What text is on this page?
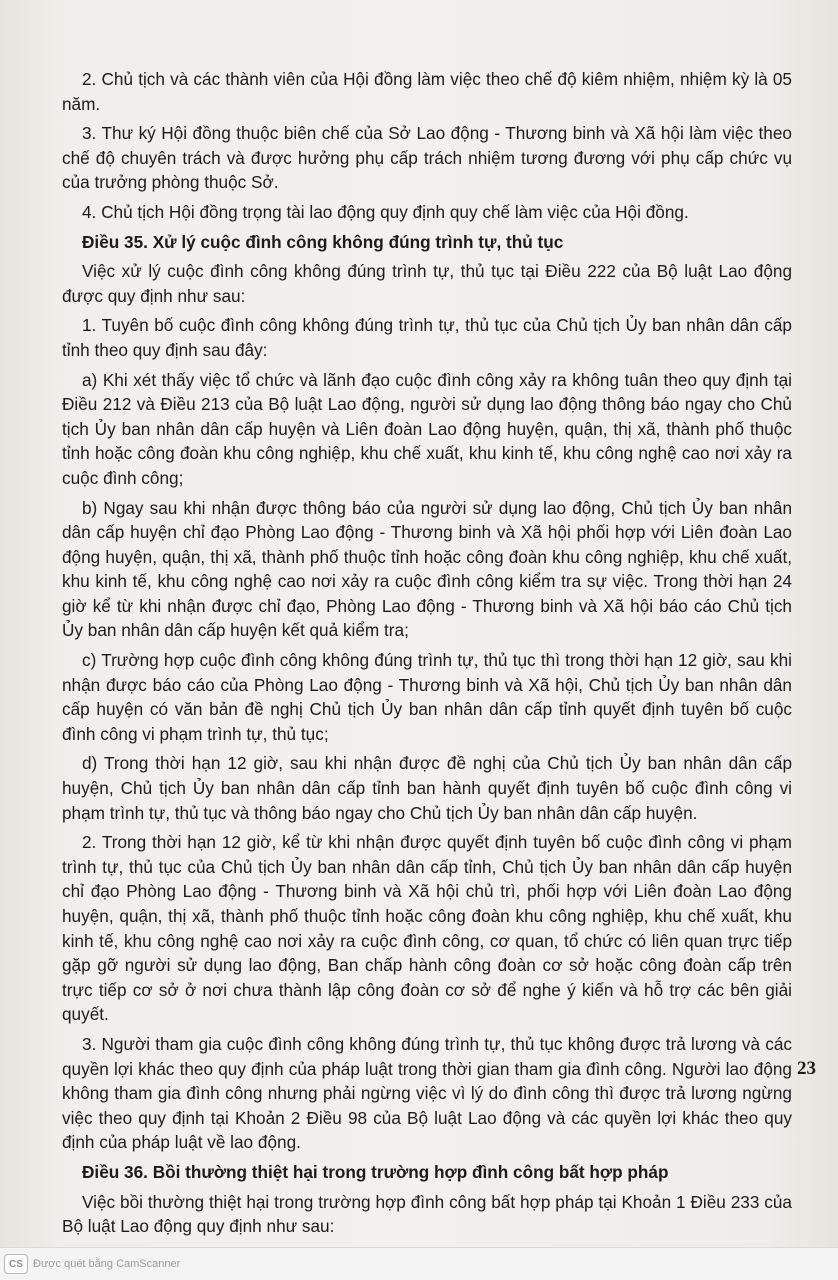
2. Chủ tịch và các thành viên của Hội đồng làm việc theo chế độ kiêm nhiệm, nhiệm kỳ là 05 năm.

3. Thư ký Hội đồng thuộc biên chế của Sở Lao động - Thương binh và Xã hội làm việc theo chế độ chuyên trách và được hưởng phụ cấp trách nhiệm tương đương với phụ cấp chức vụ của trưởng phòng thuộc Sở.

4. Chủ tịch Hội đồng trọng tài lao động quy định quy chế làm việc của Hội đồng.

Điều 35. Xử lý cuộc đình công không đúng trình tự, thủ tục

Việc xử lý cuộc đình công không đúng trình tự, thủ tục tại Điều 222 của Bộ luật Lao động được quy định như sau:

1. Tuyên bố cuộc đình công không đúng trình tự, thủ tục của Chủ tịch Ủy ban nhân dân cấp tỉnh theo quy định sau đây:

a) Khi xét thấy việc tổ chức và lãnh đạo cuộc đình công xảy ra không tuân theo quy định tại Điều 212 và Điều 213 của Bộ luật Lao động, người sử dụng lao động thông báo ngay cho Chủ tịch Ủy ban nhân dân cấp huyện và Liên đoàn Lao động huyện, quận, thị xã, thành phố thuộc tỉnh hoặc công đoàn khu công nghiệp, khu chế xuất, khu kinh tế, khu công nghệ cao nơi xảy ra cuộc đình công;

b) Ngay sau khi nhận được thông báo của người sử dụng lao động, Chủ tịch Ủy ban nhân dân cấp huyện chỉ đạo Phòng Lao động - Thương binh và Xã hội phối hợp với Liên đoàn Lao động huyện, quận, thị xã, thành phố thuộc tỉnh hoặc công đoàn khu công nghiệp, khu chế xuất, khu kinh tế, khu công nghệ cao nơi xảy ra cuộc đình công kiểm tra sự việc. Trong thời hạn 24 giờ kể từ khi nhận được chỉ đạo, Phòng Lao động - Thương binh và Xã hội báo cáo Chủ tịch Ủy ban nhân dân cấp huyện kết quả kiểm tra;

c) Trường hợp cuộc đình công không đúng trình tự, thủ tục thì trong thời hạn 12 giờ, sau khi nhận được báo cáo của Phòng Lao động - Thương binh và Xã hội, Chủ tịch Ủy ban nhân dân cấp huyện có văn bản đề nghị Chủ tịch Ủy ban nhân dân cấp tỉnh quyết định tuyên bố cuộc đình công vi phạm trình tự, thủ tục;

d) Trong thời hạn 12 giờ, sau khi nhận được đề nghị của Chủ tịch Ủy ban nhân dân cấp huyện, Chủ tịch Ủy ban nhân dân cấp tỉnh ban hành quyết định tuyên bố cuộc đình công vi phạm trình tự, thủ tục và thông báo ngay cho Chủ tịch Ủy ban nhân dân cấp huyện.

2. Trong thời hạn 12 giờ, kể từ khi nhận được quyết định tuyên bố cuộc đình công vi phạm trình tự, thủ tục của Chủ tịch Ủy ban nhân dân cấp tỉnh, Chủ tịch Ủy ban nhân dân cấp huyện chỉ đạo Phòng Lao động - Thương binh và Xã hội chủ trì, phối hợp với Liên đoàn Lao động huyện, quận, thị xã, thành phố thuộc tỉnh hoặc công đoàn khu công nghiệp, khu chế xuất, khu kinh tế, khu công nghệ cao nơi xảy ra cuộc đình công, cơ quan, tổ chức có liên quan trực tiếp gặp gỡ người sử dụng lao động, Ban chấp hành công đoàn cơ sở hoặc công đoàn cấp trên trực tiếp cơ sở ở nơi chưa thành lập công đoàn cơ sở để nghe ý kiến và hỗ trợ các bên giải quyết.

3. Người tham gia cuộc đình công không đúng trình tự, thủ tục không được trả lương và các quyền lợi khác theo quy định của pháp luật trong thời gian tham gia đình công. Người lao động không tham gia đình công nhưng phải ngừng việc vì lý do đình công thì được trả lương ngừng việc theo quy định tại Khoản 2 Điều 98 của Bộ luật Lao động và các quyền lợi khác theo quy định của pháp luật về lao động.

Điều 36. Bồi thường thiệt hại trong trường hợp đình công bất hợp pháp

Việc bồi thường thiệt hại trong trường hợp đình công bất hợp pháp tại Khoản 1 Điều 233 của Bộ luật Lao động quy định như sau:

23
CS Được quét bằng CamScanner
